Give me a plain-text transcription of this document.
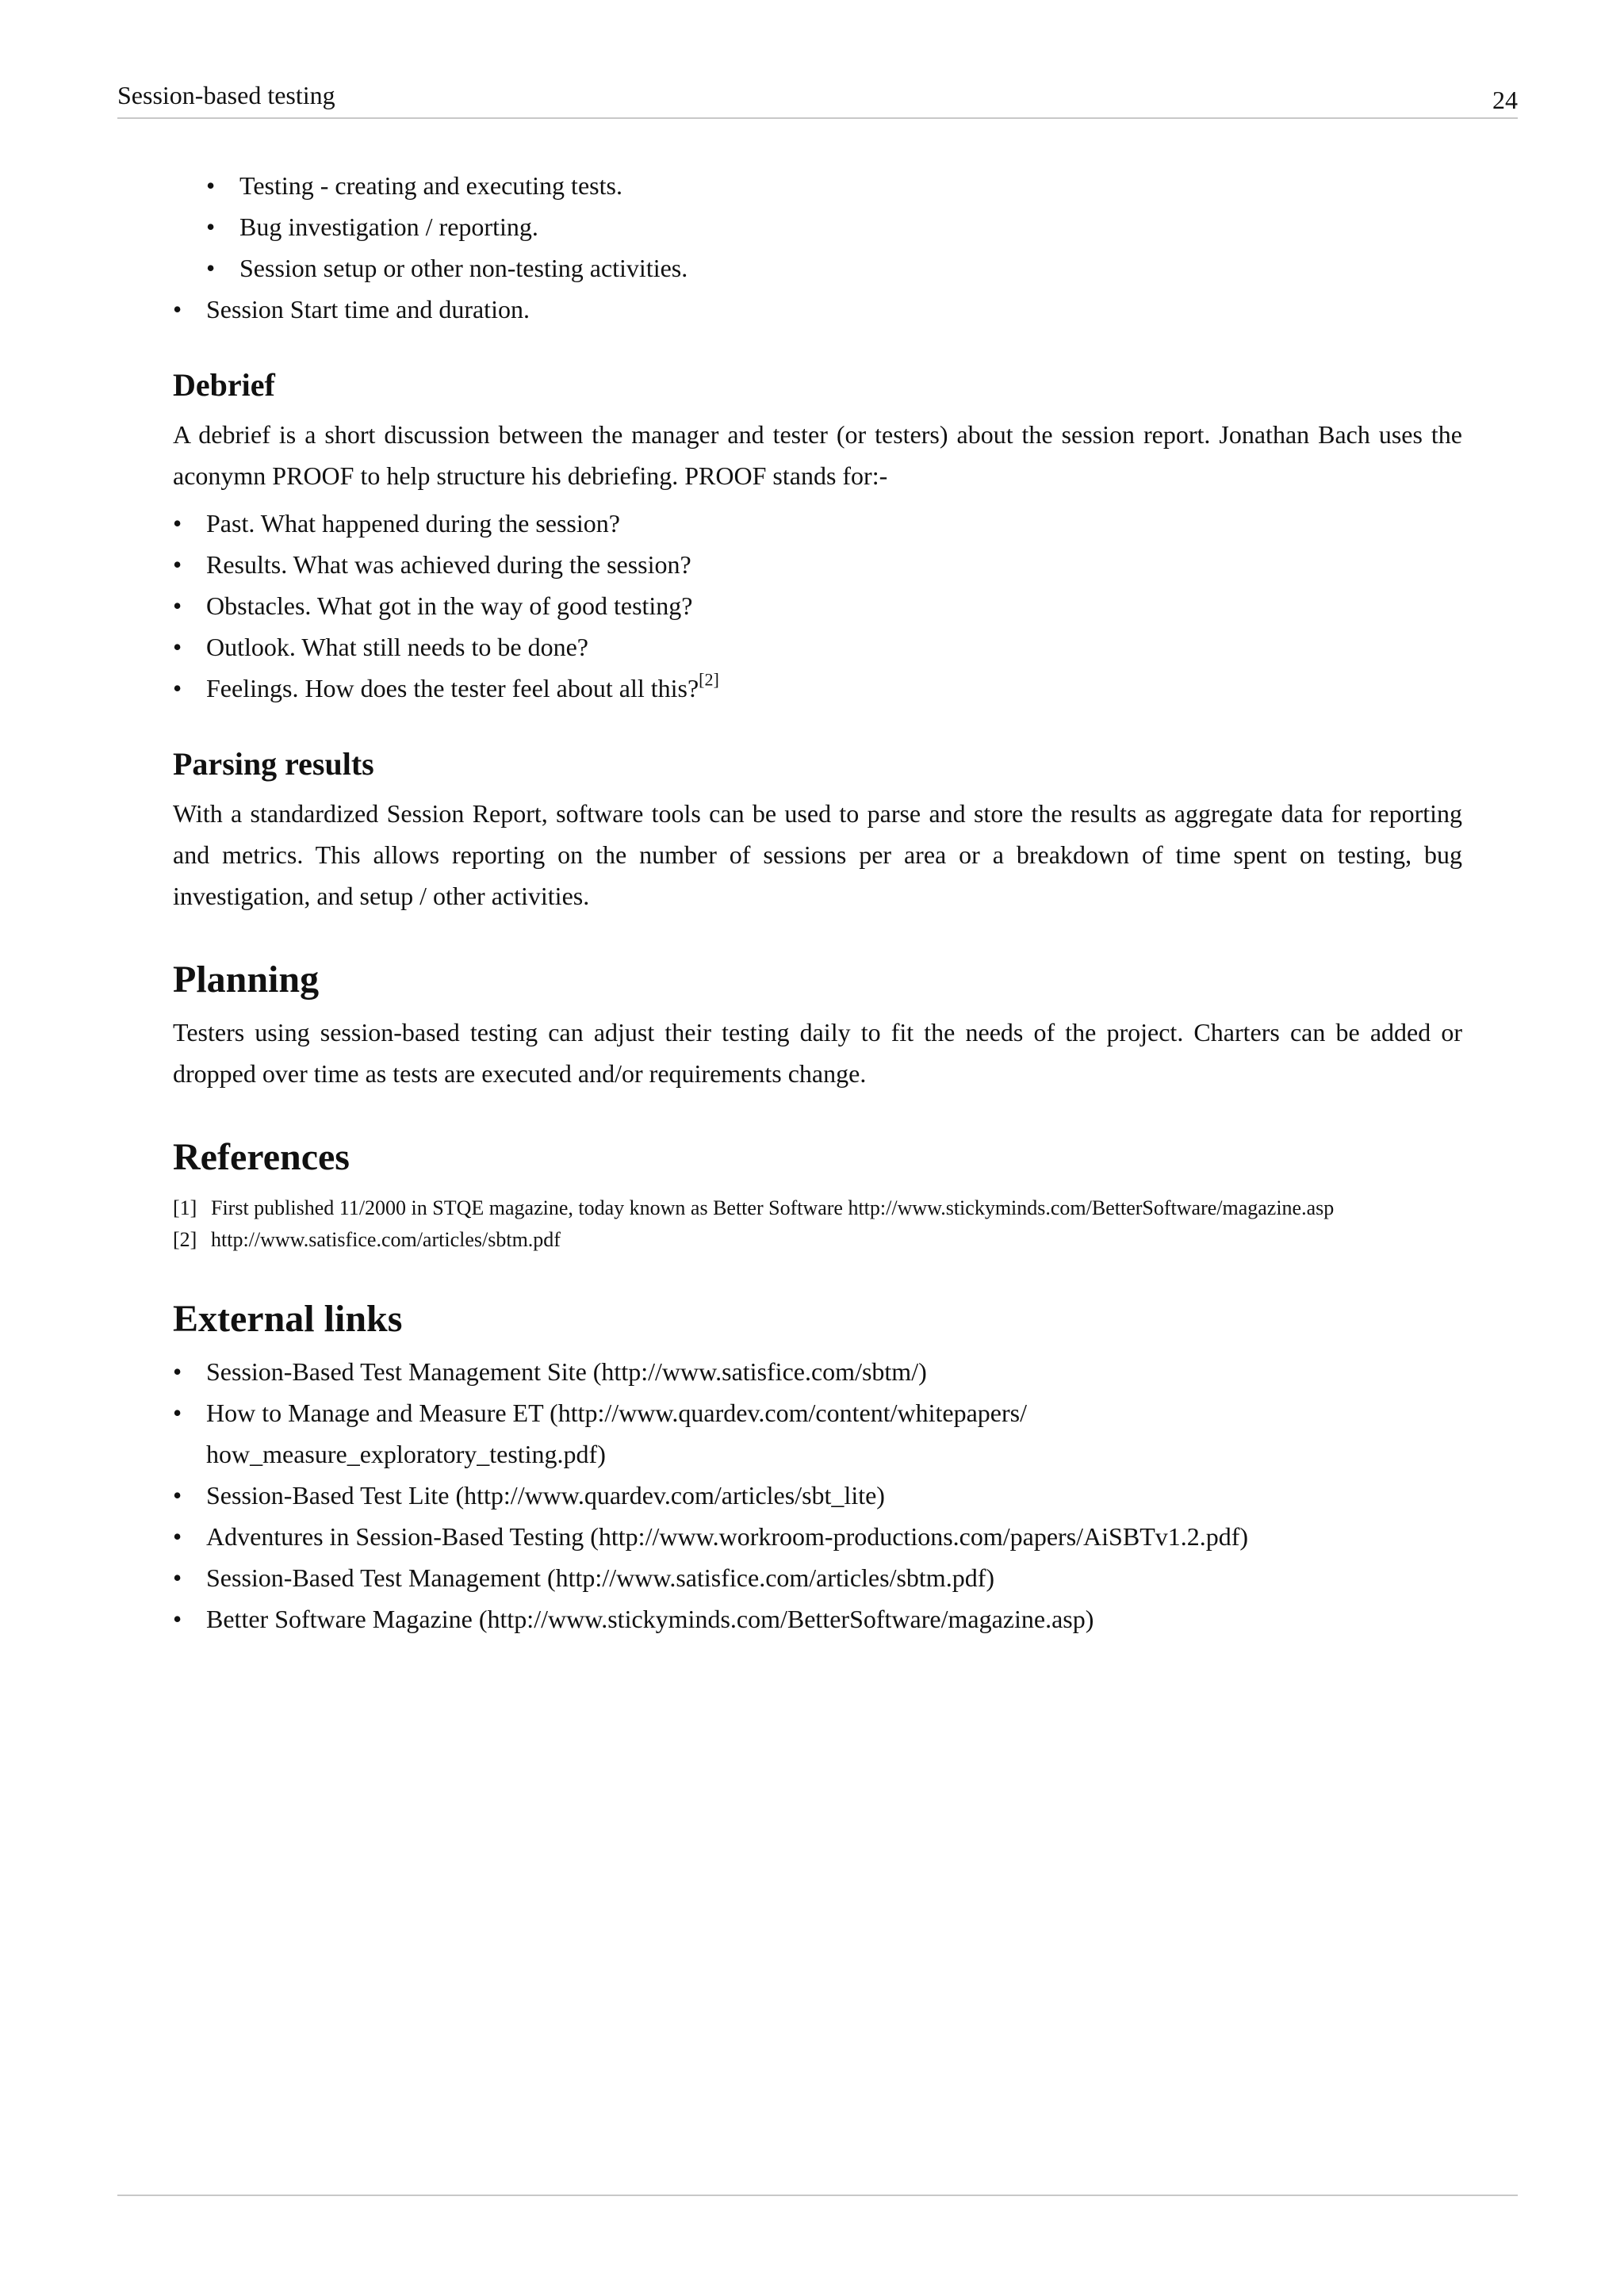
Session-based testing	24
• Testing - creating and executing tests.
• Bug investigation / reporting.
• Session setup or other non-testing activities.
• Session Start time and duration.
Debrief

A debrief is a short discussion between the manager and tester (or testers) about the session report. Jonathan Bach uses the aconymn PROOF to help structure his debriefing. PROOF stands for:-

• Past. What happened during the session?
• Results. What was achieved during the session?
• Obstacles. What got in the way of good testing?
• Outlook. What still needs to be done?
• Feelings. How does the tester feel about all this?[2]
Parsing results

With a standardized Session Report, software tools can be used to parse and store the results as aggregate data for reporting and metrics. This allows reporting on the number of sessions per area or a breakdown of time spent on testing, bug investigation, and setup / other activities.

Planning

Testers using session-based testing can adjust their testing daily to fit the needs of the project. Charters can be added or dropped over time as tests are executed and/or requirements change.

References
[1] First published 11/2000 in STQE magazine, today known as Better Software http://www.stickyminds.com/BetterSoftware/magazine.asp
[2] http://www.satisfice.com/articles/sbtm.pdf
External links
• Session-Based Test Management Site (http://www.satisfice.com/sbtm/)
• How to Manage and Measure ET (http://www.quardev.com/content/whitepapers/ how_measure_exploratory_testing.pdf)
• Session-Based Test Lite (http://www.quardev.com/articles/sbt_lite)
• Adventures in Session-Based Testing (http://www.workroom-productions.com/papers/AiSBTv1.2.pdf)
• Session-Based Test Management (http://www.satisfice.com/articles/sbtm.pdf)
• Better Software Magazine (http://www.stickyminds.com/BetterSoftware/magazine.asp)
